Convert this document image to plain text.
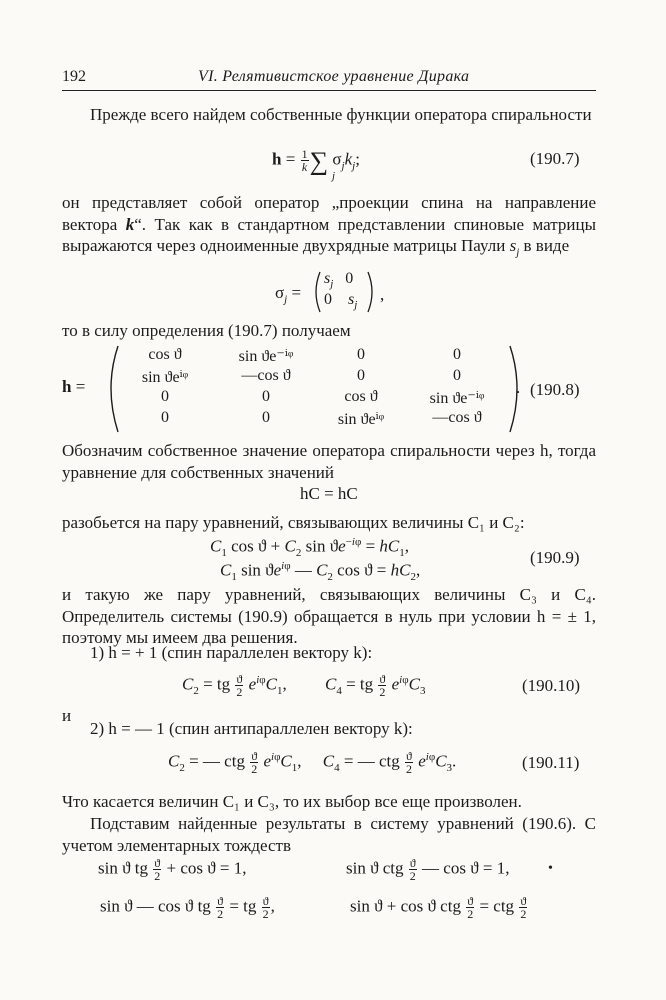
192	VI. Релятивистское уравнение Дирака
Прежде всего найдем собственные функции оператора спиральности
$h = \frac{1}{k}$ ∑ $\sigma_jk_j$;
j
(190.7)
он представляет собой оператор „проекции спина на направление вектора k“. Так как в стандартном представлении спиновые матрицы выражаются через одноименные двухрядные матрицы Паули $s_j$ в виде
$\sigma_j$ =
$s_j$   0
0    $s_j$
,
то в силу определения (190.7) получаем
h =
cos ϑ	sin ϑe⁻ⁱᵠ	0	0
sin ϑeⁱᵠ	—cos ϑ	0	0
0	0	cos ϑ	sin ϑe⁻ⁱᵠ
0	0	sin ϑeⁱᵠ	—cos ϑ
. (190.8)
Обозначим собственное значение оператора спиральности через h, тогда уравнение для собственных значений
hC = hC
разобьется на пару уравнений, связывающих величины C₁ и C₂:
$C_1$ $\cos ϑ + C_2$ $\sin ϑe^{-i\varphi} = hC_1$,
$C_1$ $\sin ϑe^{i\varphi}$ — $C_2$ $\cos ϑ = hC_2$,
(190.9)
и такую же пару уравнений, связывающих величины C₃ и C₄. Определитель системы (190.9) обращается в нуль при условии h = ± 1, поэтому мы имеем два решения.
1) h = + 1 (спин параллелен вектору k):
$C_2$ = tg $\frac{ϑ}{2} e^{i\varphi}C_1$,         $C_4$ = tg $\frac{ϑ}{2} e^{i\varphi}C_3$	(190.10)
и
2) h = — 1 (спин антипараллелен вектору k):
$C_2$ = — ctg $\frac{ϑ}{2} e^{i\varphi}C_1$,     $C_4$ = — ctg $\frac{ϑ}{2} e^{i\varphi}C_3$.	(190.11)
Что касается величин C₁ и C₃, то их выбор все еще произволен.
Подставим найденные результаты в систему уравнений (190.6). С учетом элементарных тождеств
sin ϑ tg $\frac{ϑ}{2} + \cos ϑ = 1$,	sin ϑ ctg $\frac{ϑ}{2}$ — cos ϑ = 1,	•
sin ϑ — cos ϑ tg $\frac{ϑ}{2}$ = tg $\frac{ϑ}{2}$ ,	sin ϑ + cos ϑ ctg $\frac{ϑ}{2}$ = ctg $\frac{ϑ}{2}$
